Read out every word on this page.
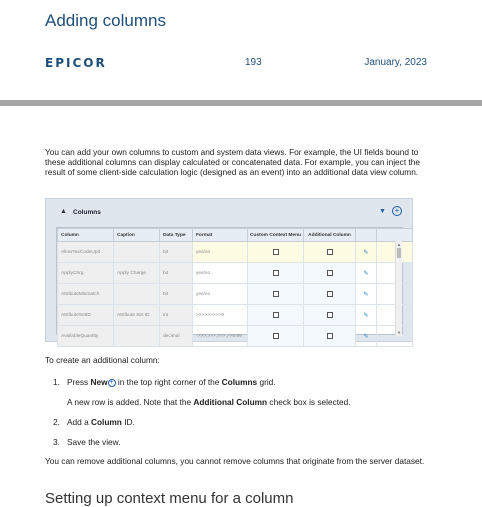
Adding columns
EPICOR	193	January, 2023

You can add your own columns to custom and system data views. For example, the UI fields bound to these additional columns can display calculated or concatenated data. For example, you can inject the result of some client-side calculation logic (designed as an event) into an additional data view column.

▲ Columns	▼	+
Column	Caption	Data Type	Format	Custom Context Menu	Additional Column		
AllowTaxCodeUpd		bit	yes/no			✎	
ApplyChrg	Apply Charge	bit	yes/no			✎	
AttributeMismatch		bit	yes/no			✎	
AttributeSetID	Attribute Set ID	int	>>>>>>>>>9			✎	
AvailableQuantity		decimal	->>>,>>>,>>>,>>9.99			✎	
▲
▼

To create an additional column:

1. Press New + in the top right corner of the Columns grid.
A new row is added. Note that the Additional Column check box is selected.
2. Add a Column ID.
3. Save the view.

You can remove additional columns, you cannot remove columns that originate from the server dataset.

Setting up context menu for a column
